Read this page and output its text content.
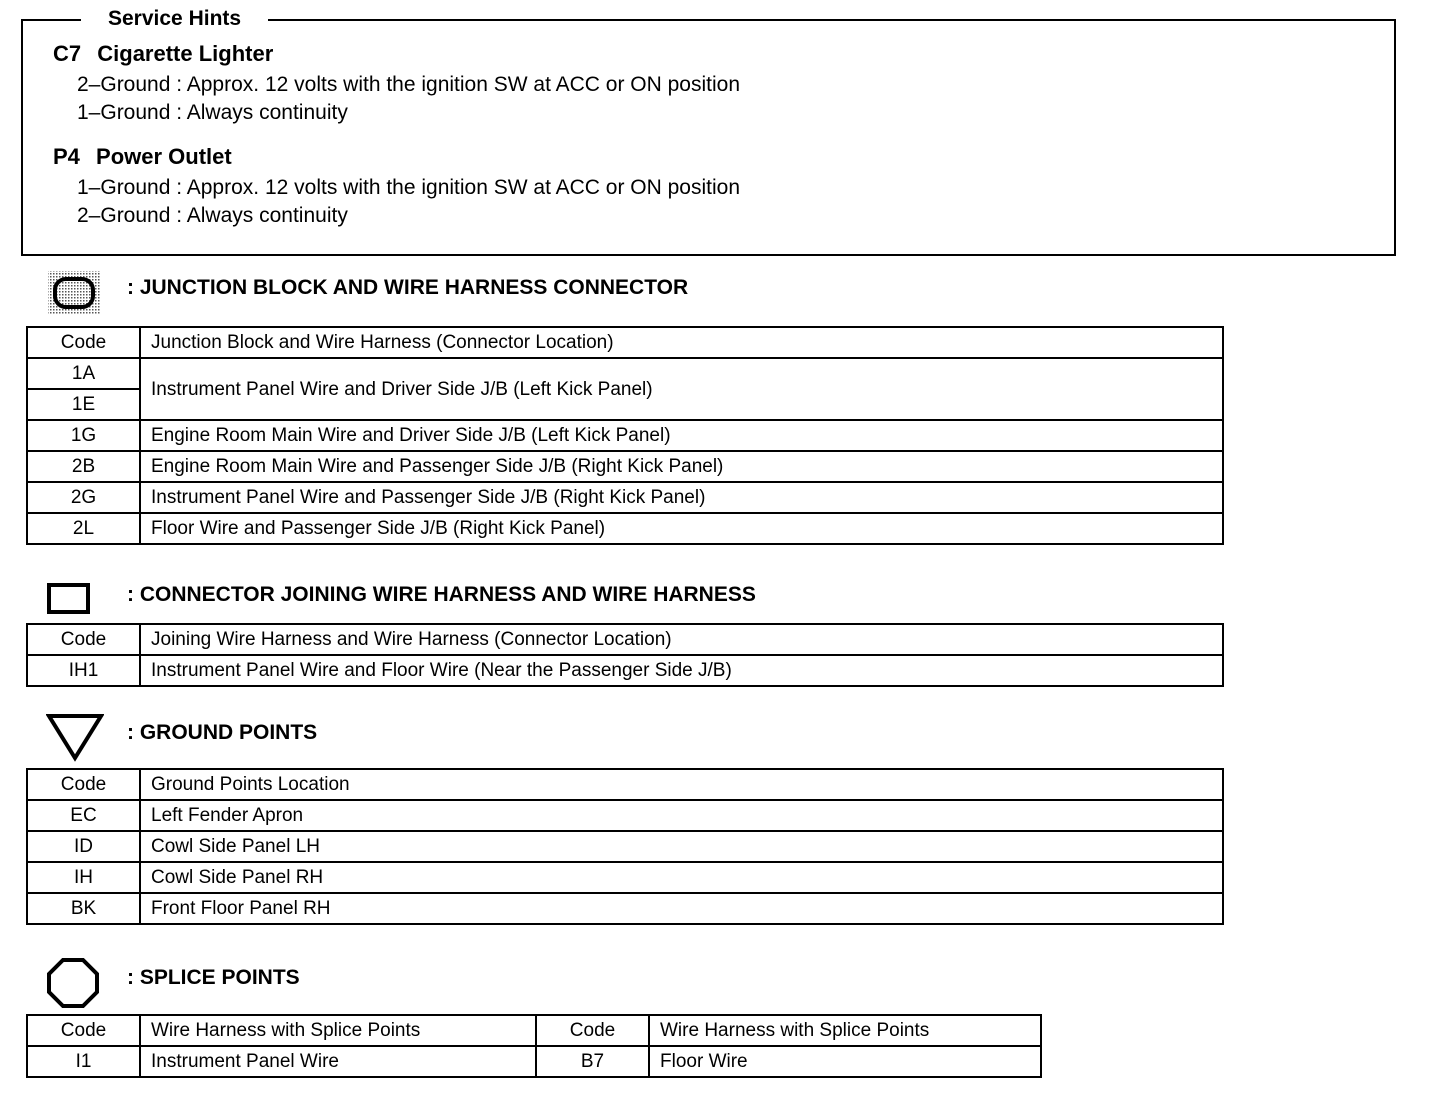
Service Hints
C7 Cigarette Lighter
2–Ground : Approx. 12 volts with the ignition SW at ACC or ON position
1–Ground : Always continuity
P4 Power Outlet
1–Ground : Approx. 12 volts with the ignition SW at ACC or ON position
2–Ground : Always continuity
: JUNCTION BLOCK AND WIRE HARNESS CONNECTOR
Code	Junction Block and Wire Harness (Connector Location)
1A	Instrument Panel Wire and Driver Side J/B (Left Kick Panel)
1E	
1G	Engine Room Main Wire and Driver Side J/B (Left Kick Panel)
2B	Engine Room Main Wire and Passenger Side J/B (Right Kick Panel)
2G	Instrument Panel Wire and Passenger Side J/B (Right Kick Panel)
2L	Floor Wire and Passenger Side J/B (Right Kick Panel)
: CONNECTOR JOINING WIRE HARNESS AND WIRE HARNESS
Code	Joining Wire Harness and Wire Harness (Connector Location)
IH1	Instrument Panel Wire and Floor Wire (Near the Passenger Side J/B)
: GROUND POINTS
Code	Ground Points Location
EC	Left Fender Apron
ID	Cowl Side Panel LH
IH	Cowl Side Panel RH
BK	Front Floor Panel RH
: SPLICE POINTS
Code	Wire Harness with Splice Points	Code	Wire Harness with Splice Points
I1	Instrument Panel Wire	B7	Floor Wire
